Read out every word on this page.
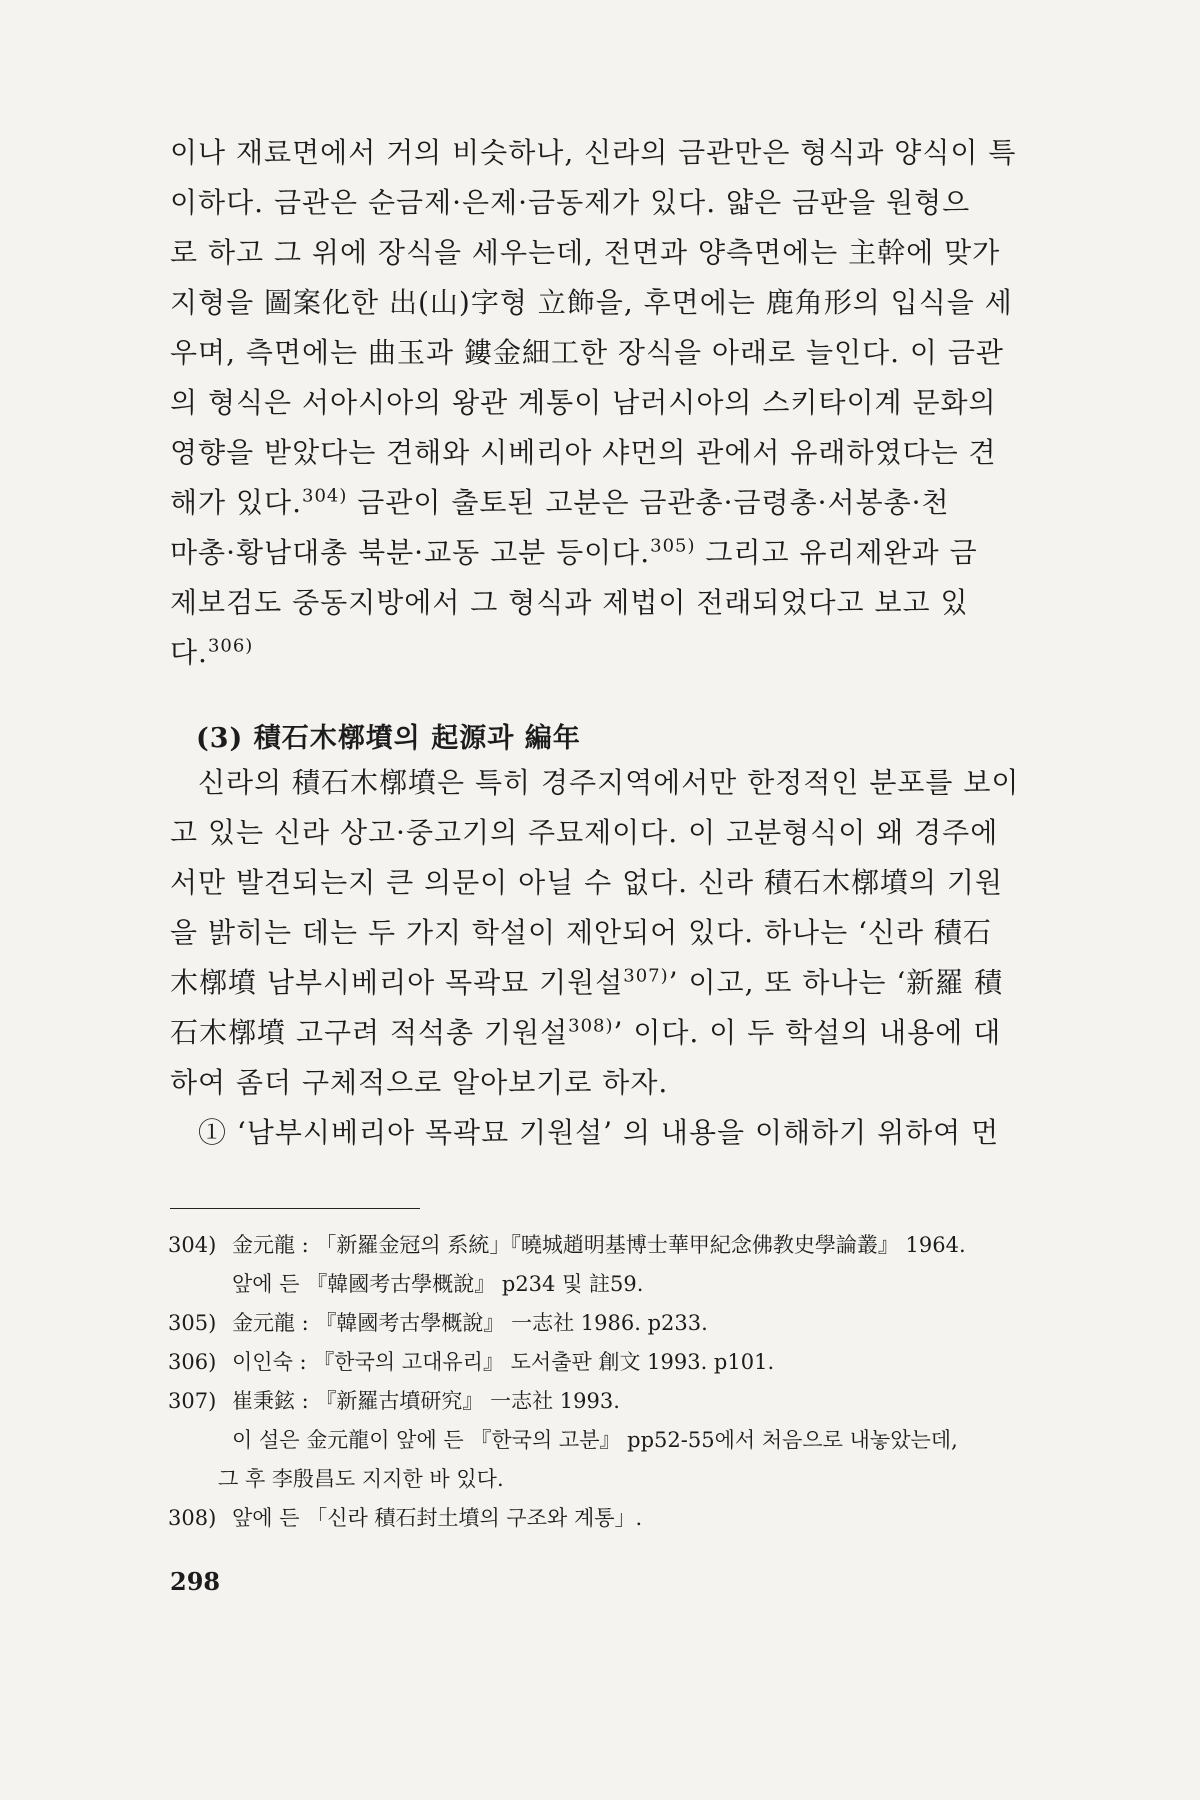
이나 재료면에서 거의 비슷하나, 신라의 금관만은 형식과 양식이 특
이하다. 금관은 순금제·은제·금동제가 있다. 얇은 금판을 원형으
로 하고 그 위에 장식을 세우는데, 전면과 양측면에는 主幹에 맞가
지형을 圖案化한 出(山)字형 立飾을, 후면에는 鹿角形의 입식을 세
우며, 측면에는 曲玉과 鏤金細工한 장식을 아래로 늘인다. 이 금관
의 형식은 서아시아의 왕관 계통이 남러시아의 스키타이계 문화의
영향을 받았다는 견해와 시베리아 샤먼의 관에서 유래하였다는 견
해가 있다.$^{304)}$ 금관이 출토된 고분은 금관총·금령총·서봉총·천
마총·황남대총 북분·교동 고분 등이다.$^{305)}$ 그리고 유리제완과 금
제보검도 중동지방에서 그 형식과 제법이 전래되었다고 보고 있
다.$^{306)}$
(3) 積石木槨墳의 起源과 編年
신라의 積石木槨墳은 특히 경주지역에서만 한정적인 분포를 보이
고 있는 신라 상고·중고기의 주묘제이다. 이 고분형식이 왜 경주에
서만 발견되는지 큰 의문이 아닐 수 없다. 신라 積石木槨墳의 기원
을 밝히는 데는 두 가지 학설이 제안되어 있다. 하나는 ‘신라 積石
木槨墳 남부시베리아 목곽묘 기원설$^{307)}$’ 이고, 또 하나는 ‘新羅 積
石木槨墳 고구려 적석총 기원설$^{308)}$’ 이다. 이 두 학설의 내용에 대
하여 좀더 구체적으로 알아보기로 하자.
① ‘남부시베리아 목곽묘 기원설’ 의 내용을 이해하기 위하여 먼
304) 金元龍 : 「新羅金冠의 系統」『曉城趙明基博士華甲紀念佛教史學論叢』 1964.
앞에 든 『韓國考古學概說』 p234 및 註59.
305) 金元龍 : 『韓國考古學概說』 一志社 1986. p233.
306) 이인숙 : 『한국의 고대유리』 도서출판 創文 1993. p101.
307) 崔秉鉉 : 『新羅古墳研究』 一志社 1993.
이 설은 金元龍이 앞에 든 『한국의 고분』 pp52-55에서 처음으로 내놓았는데,
그 후 李殷昌도 지지한 바 있다.
308) 앞에 든 「신라 積石封土墳의 구조와 계통」.
298
